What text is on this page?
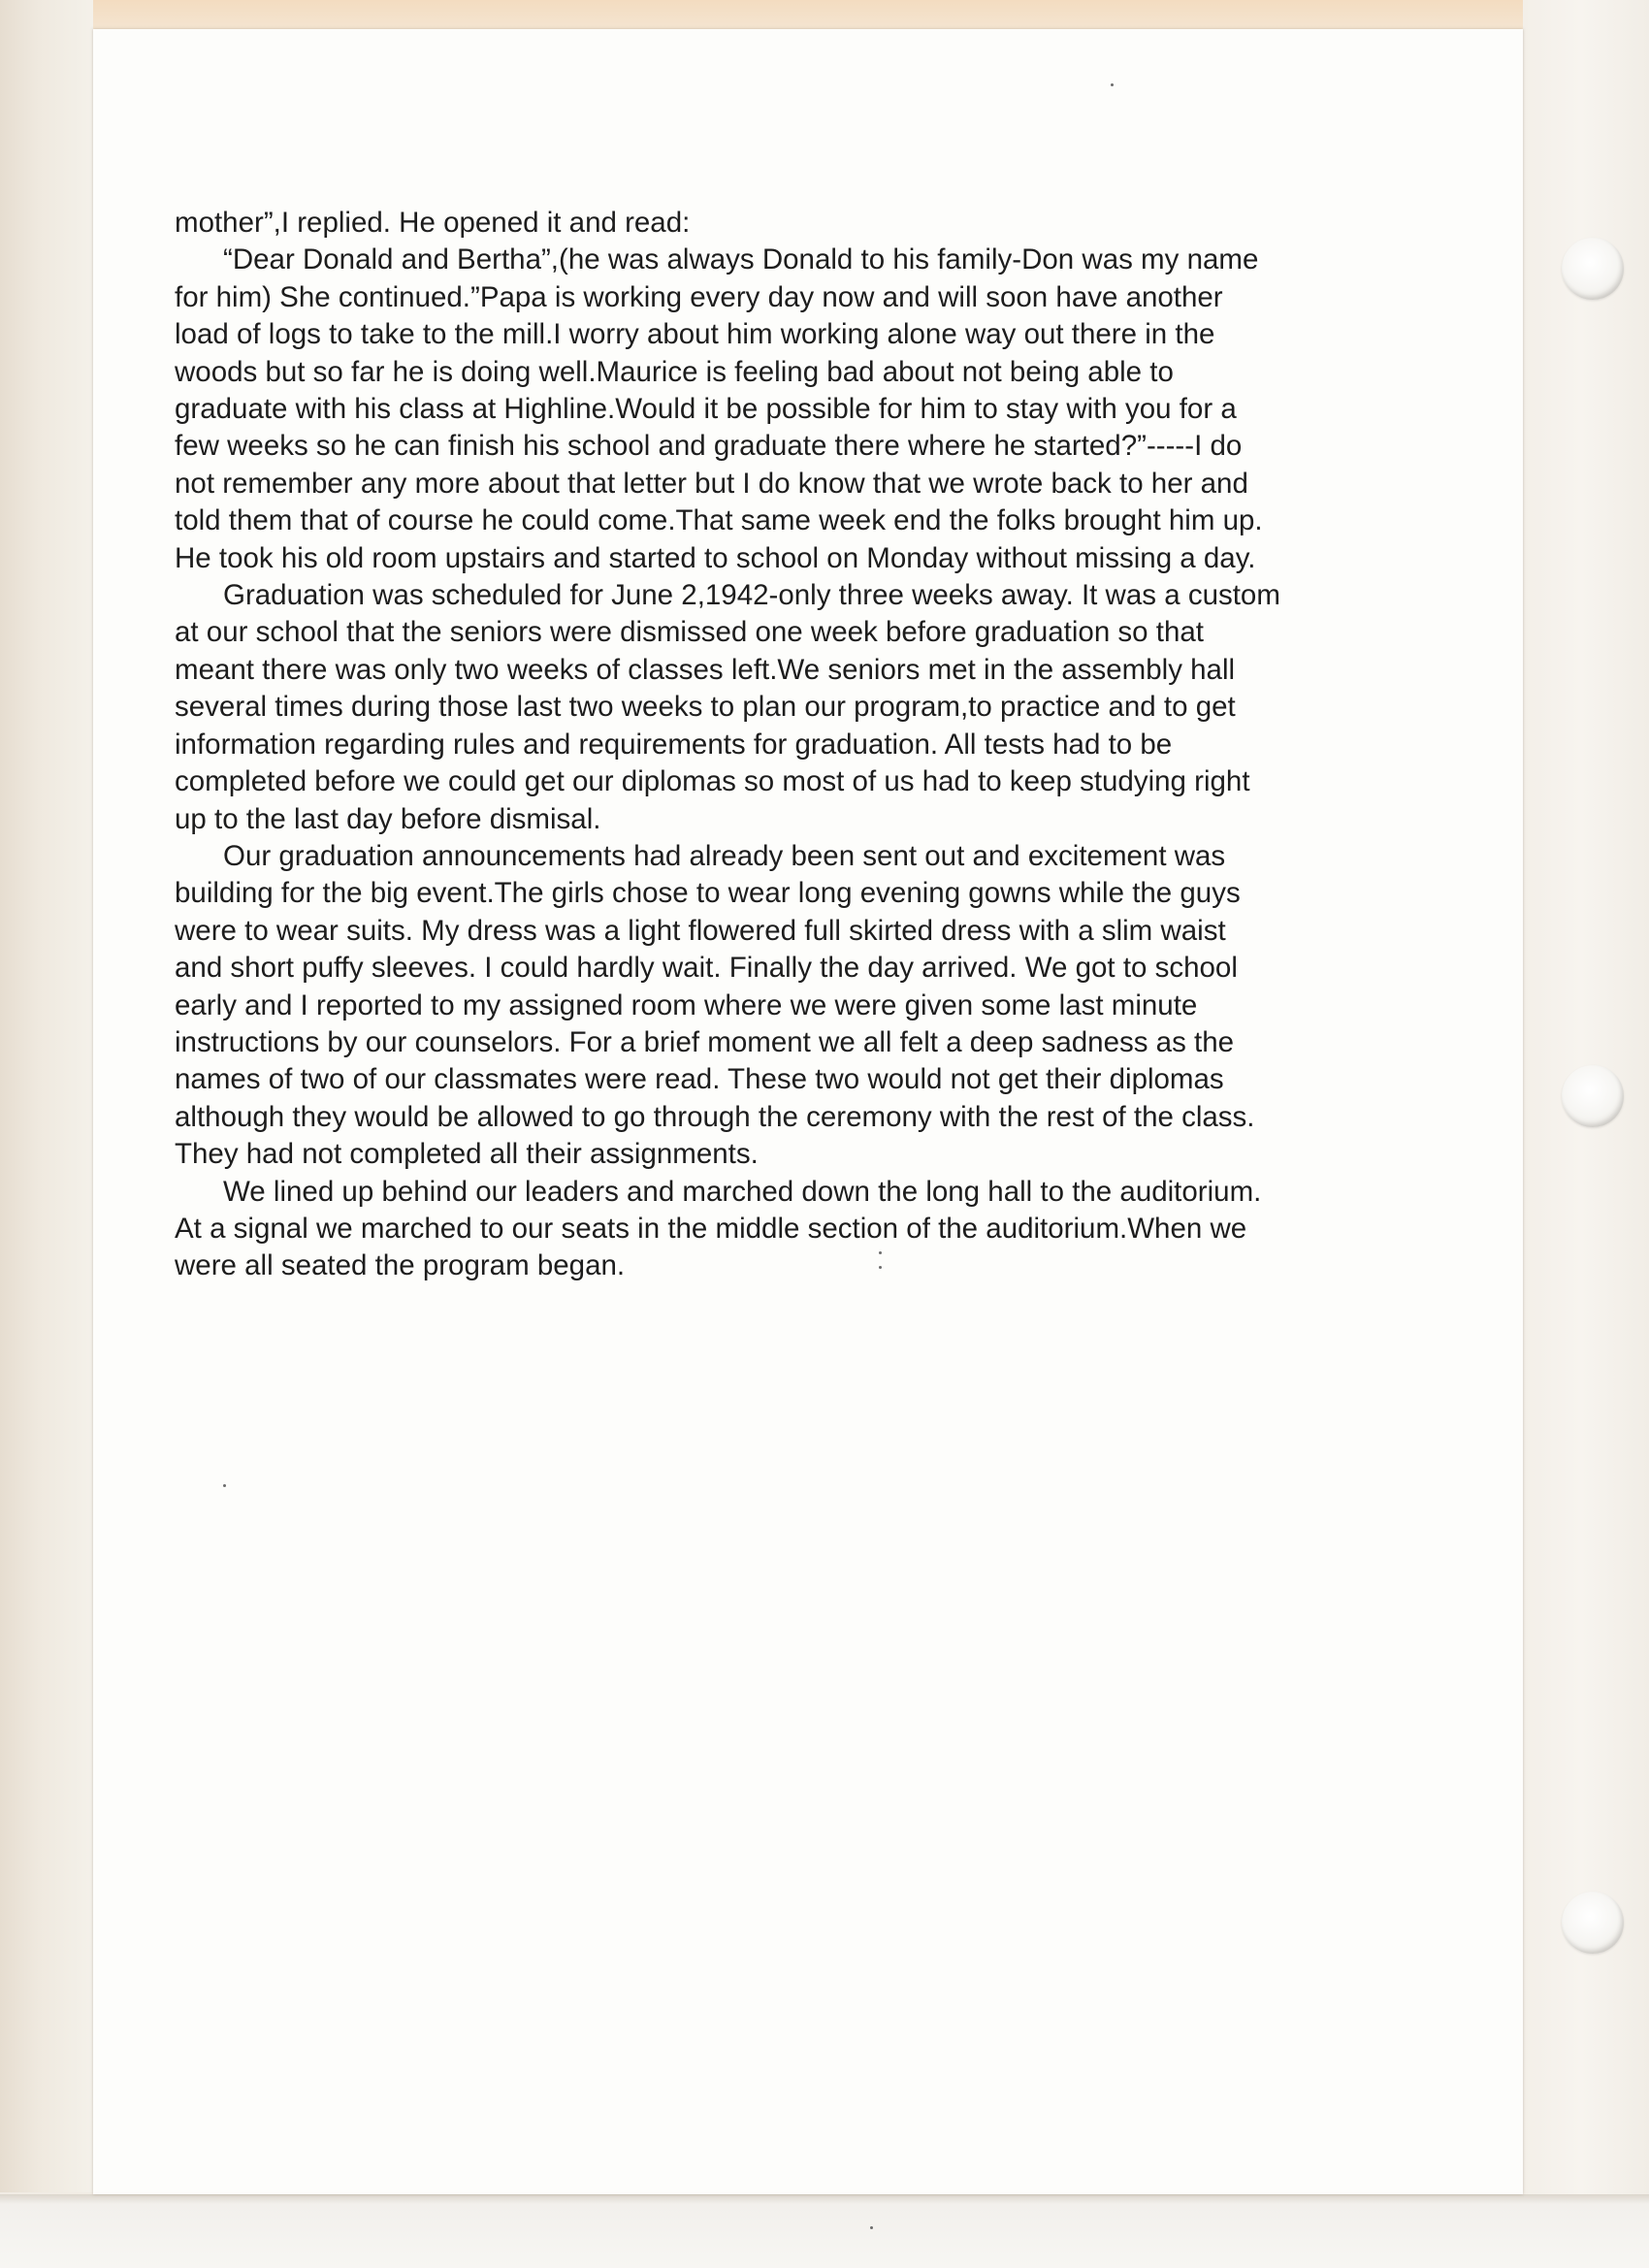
mother”,I replied. He opened it and read:
“Dear Donald and Bertha”,(he was always Donald to his family-Don was my name
for him) She continued.”Papa is working every day now and will soon have another
load of logs to take to the mill.I worry about him working alone way out there in the
woods but so far he is doing well.Maurice is feeling bad about not being able to
graduate with his class at Highline.Would it be possible for him to stay with you for a
few weeks so he can finish his school and graduate there where he started?”-----I do
not remember any more about that letter but I do know that we wrote back to her and
told them that of course he could come.That same week end the folks brought him up.
He took his old room upstairs and started to school on Monday without missing a day.
Graduation was scheduled for June 2,1942-only three weeks away. It was a custom
at our school that the seniors were dismissed one week before graduation so that
meant there was only two weeks of classes left.We seniors met in the assembly hall
several times during those last two weeks to plan our program,to practice and to get
information regarding rules and requirements for graduation. All tests had to be
completed before we could get our diplomas so most of us had to keep studying right
up to the last day before dismisal.
Our graduation announcements had already been sent out and excitement was
building for the big event.The girls chose to wear long evening gowns while the guys
were to wear suits. My dress was a light flowered full skirted dress with a slim waist
and short puffy sleeves. I could hardly wait. Finally the day arrived. We got to school
early and I reported to my assigned room where we were given some last minute
instructions by our counselors. For a brief moment we all felt a deep sadness as the
names of two of our classmates were read. These two would not get their diplomas
although they would be allowed to go through the ceremony with the rest of the class.
They had not completed all their assignments.
We lined up behind our leaders and marched down the long hall to the auditorium.
At a signal we marched to our seats in the middle section of the auditorium.When we
were all seated the program began.
